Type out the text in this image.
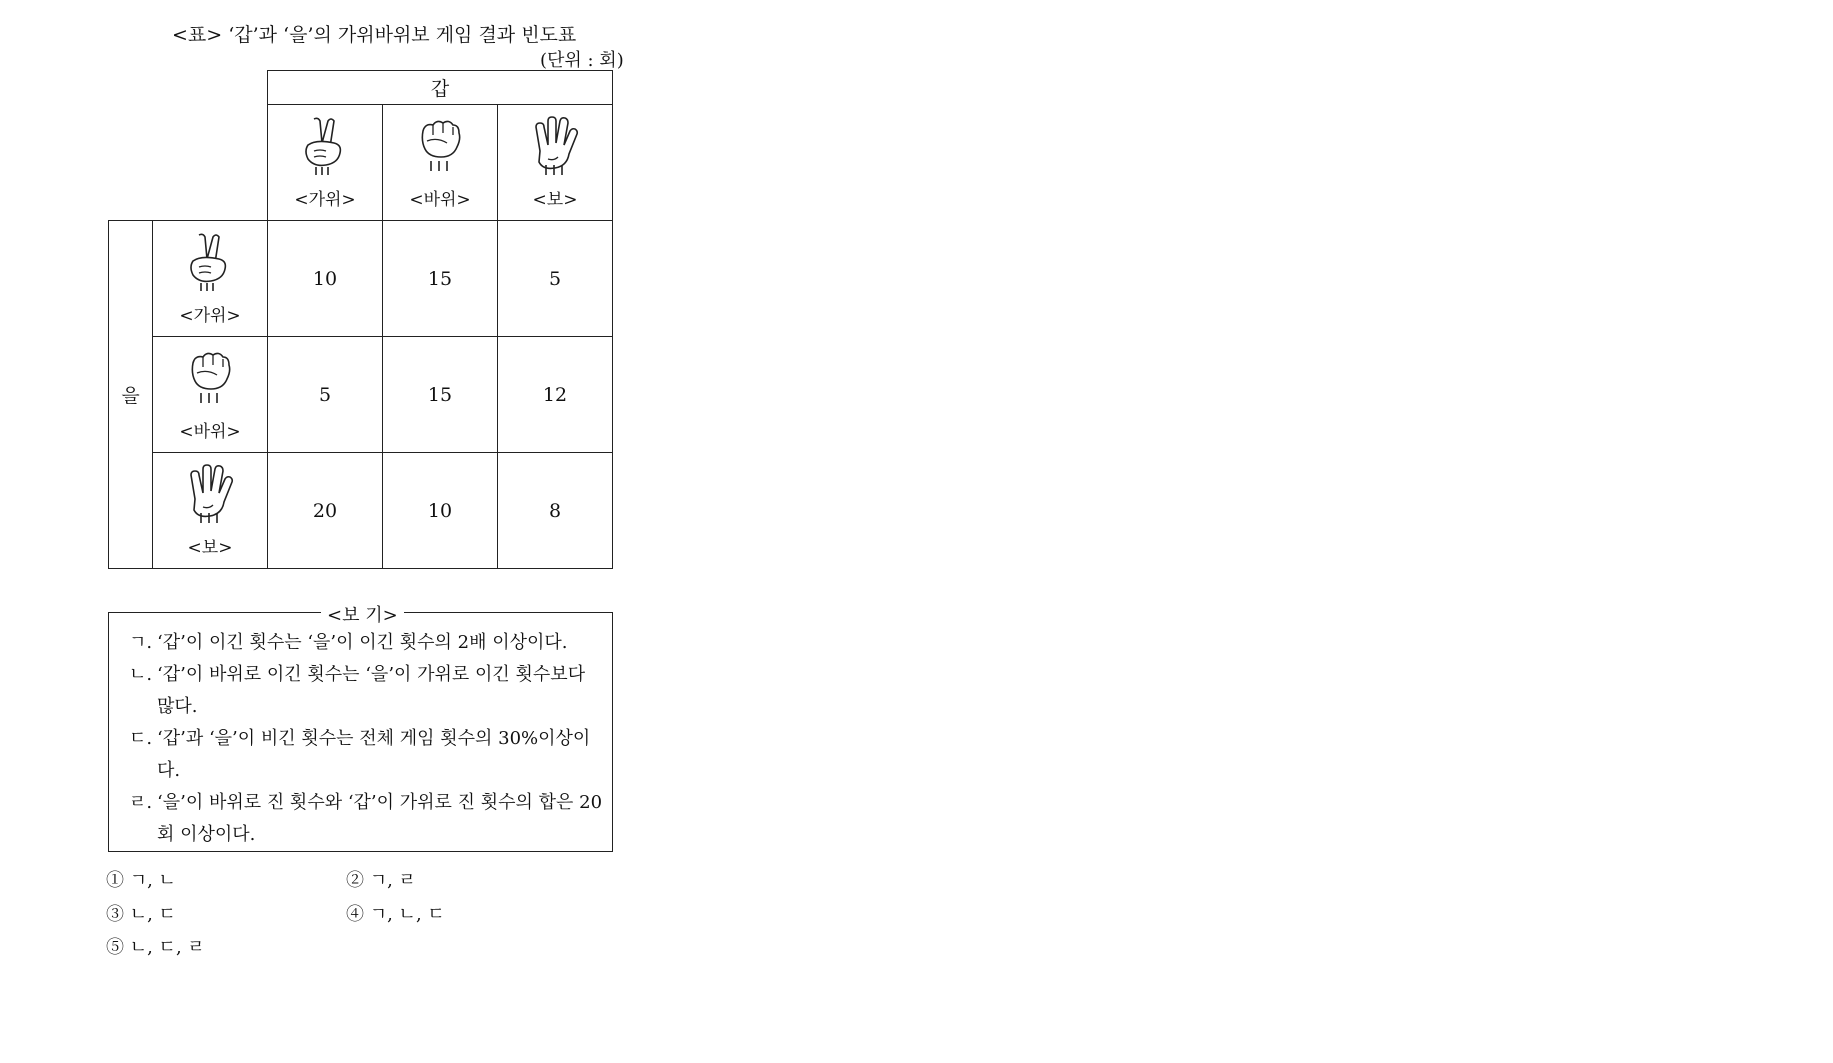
<표> ‘갑’과 ‘을’의 가위바위보 게임 결과 빈도표
(단위 : 회)
		갑		

		<가위>	<바위>	<보>

을	<가위>	10	15	5

	<바위>	5	15	12

	<보>	20	10	8
<보 기>
ㄱ. ‘갑’이 이긴 횟수는 ‘을’이 이긴 횟수의 2배 이상이다.
ㄴ. ‘갑’이 바위로 이긴 횟수는 ‘을’이 가위로 이긴 횟수보다 많다.
ㄷ. ‘갑’과 ‘을’이 비긴 횟수는 전체 게임 횟수의 30%이상이다.
ㄹ. ‘을’이 바위로 진 횟수와 ‘갑’이 가위로 진 횟수의 합은 20회 이상이다.
① ㄱ, ㄴ	② ㄱ, ㄹ
③ ㄴ, ㄷ	④ ㄱ, ㄴ, ㄷ
⑤ ㄴ, ㄷ, ㄹ
